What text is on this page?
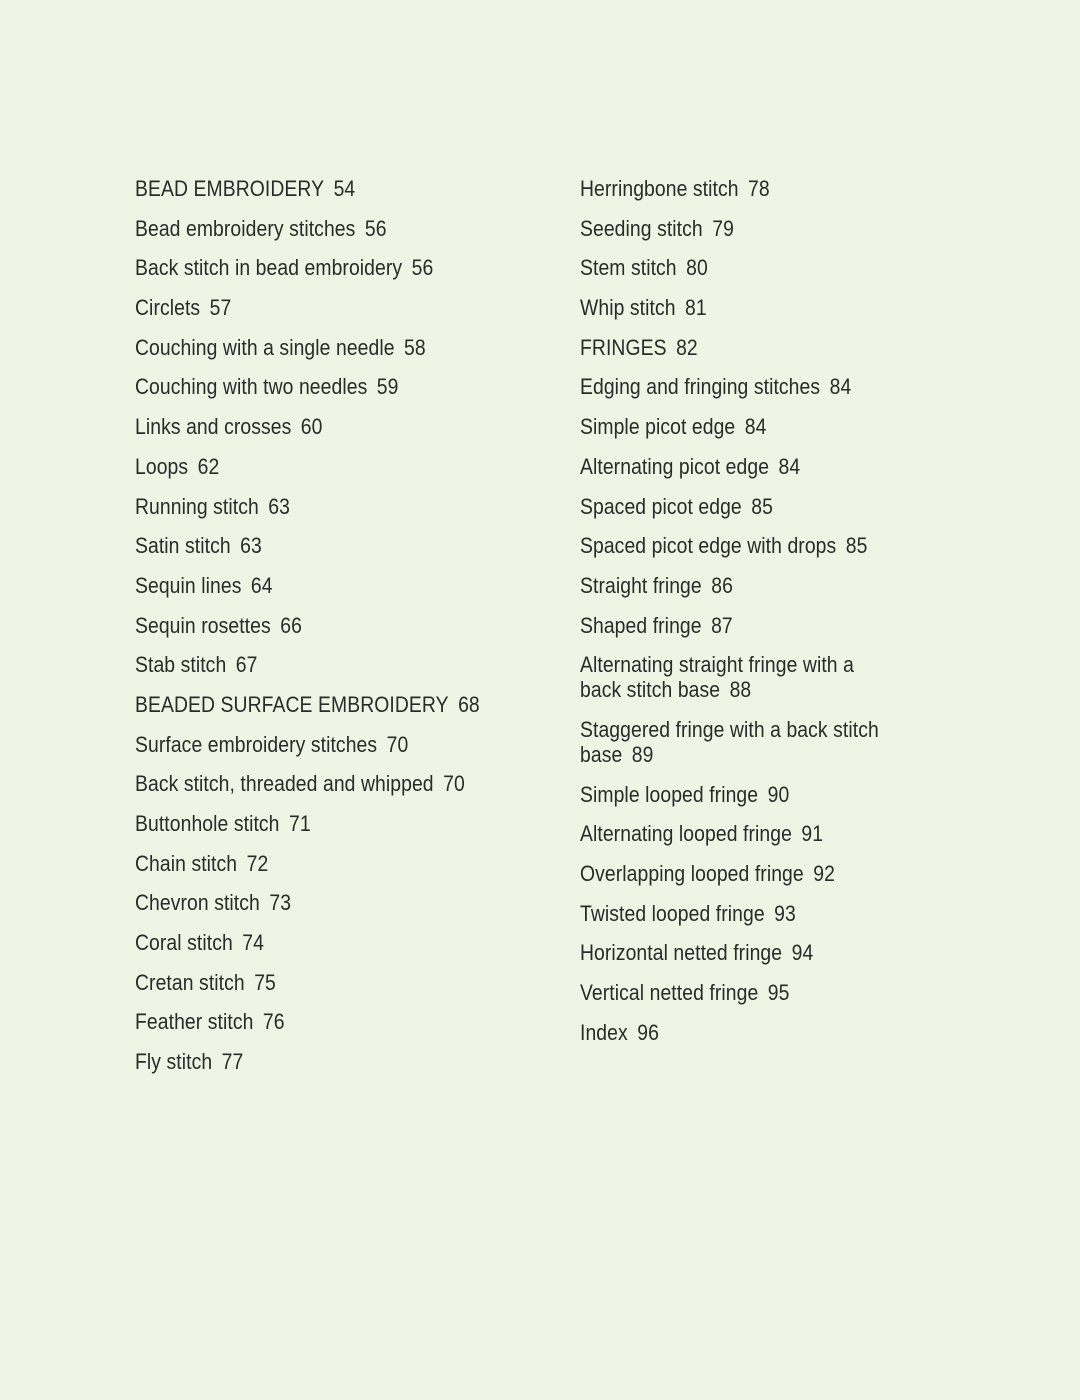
BEAD EMBROIDERY 54
Bead embroidery stitches 56
Back stitch in bead embroidery 56
Circlets 57
Couching with a single needle 58
Couching with two needles 59
Links and crosses 60
Loops 62
Running stitch 63
Satin stitch 63
Sequin lines 64
Sequin rosettes 66
Stab stitch 67
BEADED SURFACE EMBROIDERY 68
Surface embroidery stitches 70
Back stitch, threaded and whipped 70
Buttonhole stitch 71
Chain stitch 72
Chevron stitch 73
Coral stitch 74
Cretan stitch 75
Feather stitch 76
Fly stitch 77
Herringbone stitch 78
Seeding stitch 79
Stem stitch 80
Whip stitch 81
FRINGES 82
Edging and fringing stitches 84
Simple picot edge 84
Alternating picot edge 84
Spaced picot edge 85
Spaced picot edge with drops 85
Straight fringe 86
Shaped fringe 87
Alternating straight fringe with a back stitch base 88
Staggered fringe with a back stitch base 89
Simple looped fringe 90
Alternating looped fringe 91
Overlapping looped fringe 92
Twisted looped fringe 93
Horizontal netted fringe 94
Vertical netted fringe 95
Index 96
